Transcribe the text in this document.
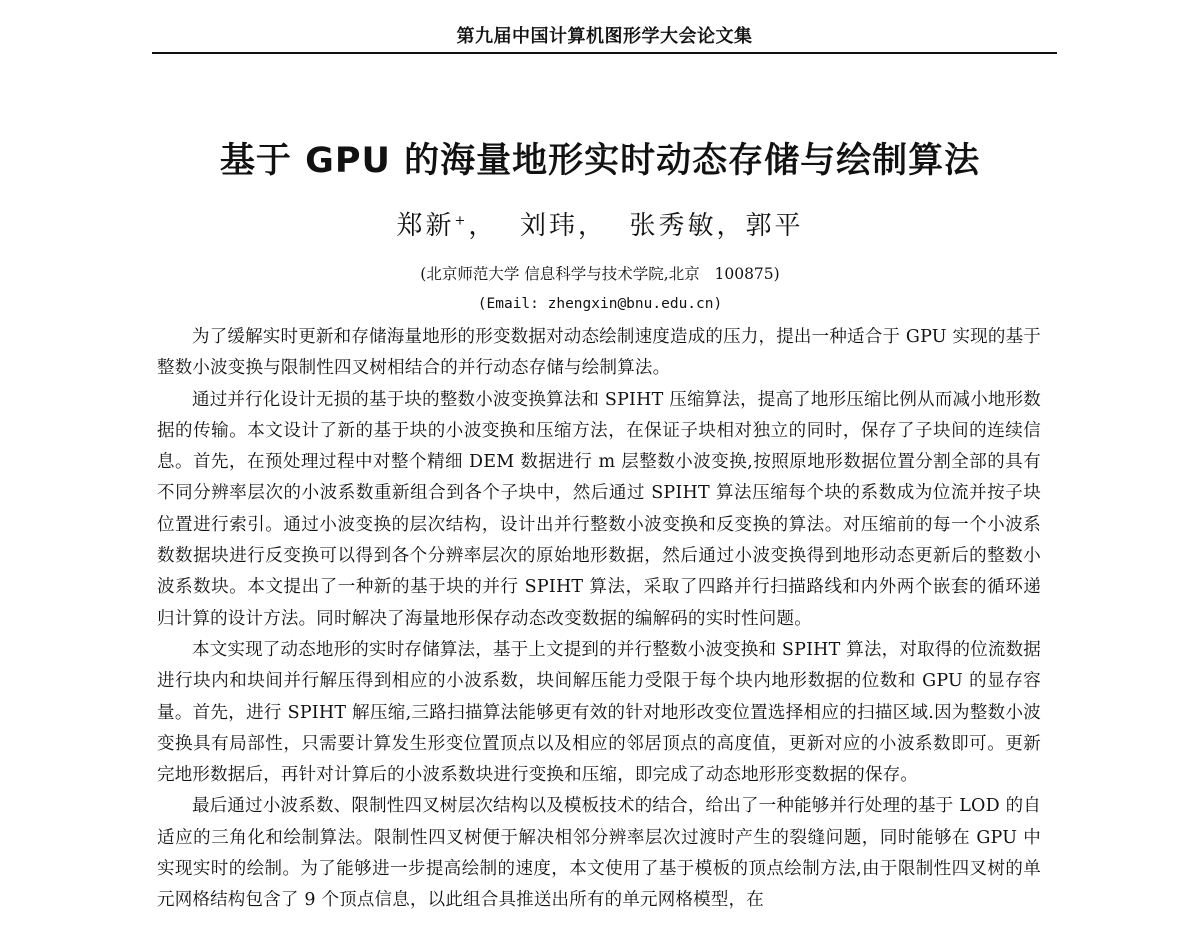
第九届中国计算机图形学大会论文集
基于 GPU 的海量地形实时动态存储与绘制算法
郑新+，  刘玮，  张秀敏，郭平
(北京师范大学 信息科学与技术学院,北京   100875)
(Email: zhengxin@bnu.edu.cn)

为了缓解实时更新和存储海量地形的形变数据对动态绘制速度造成的压力，提出一种适合于 GPU 实现的基于整数小波变换与限制性四叉树相结合的并行动态存储与绘制算法。

通过并行化设计无损的基于块的整数小波变换算法和 SPIHT 压缩算法，提高了地形压缩比例从而减小地形数据的传输。本文设计了新的基于块的小波变换和压缩方法，在保证子块相对独立的同时，保存了子块间的连续信息。首先，在预处理过程中对整个精细 DEM 数据进行 m 层整数小波变换,按照原地形数据位置分割全部的具有不同分辨率层次的小波系数重新组合到各个子块中，然后通过 SPIHT 算法压缩每个块的系数成为位流并按子块位置进行索引。通过小波变换的层次结构，设计出并行整数小波变换和反变换的算法。对压缩前的每一个小波系数数据块进行反变换可以得到各个分辨率层次的原始地形数据，然后通过小波变换得到地形动态更新后的整数小波系数块。本文提出了一种新的基于块的并行 SPIHT 算法，采取了四路并行扫描路线和内外两个嵌套的循环递归计算的设计方法。同时解决了海量地形保存动态改变数据的编解码的实时性问题。

本文实现了动态地形的实时存储算法，基于上文提到的并行整数小波变换和 SPIHT 算法，对取得的位流数据进行块内和块间并行解压得到相应的小波系数，块间解压能力受限于每个块内地形数据的位数和 GPU 的显存容量。首先，进行 SPIHT 解压缩,三路扫描算法能够更有效的针对地形改变位置选择相应的扫描区域.因为整数小波变换具有局部性，只需要计算发生形变位置顶点以及相应的邻居顶点的高度值，更新对应的小波系数即可。更新完地形数据后，再针对计算后的小波系数块进行变换和压缩，即完成了动态地形形变数据的保存。

最后通过小波系数、限制性四叉树层次结构以及模板技术的结合，给出了一种能够并行处理的基于 LOD 的自适应的三角化和绘制算法。限制性四叉树便于解决相邻分辨率层次过渡时产生的裂缝问题，同时能够在 GPU 中实现实时的绘制。为了能够进一步提高绘制的速度，本文使用了基于模板的顶点绘制方法,由于限制性四叉树的单元网格结构包含了 9 个顶点信息，以此组合具推送出所有的单元网格模型，在
